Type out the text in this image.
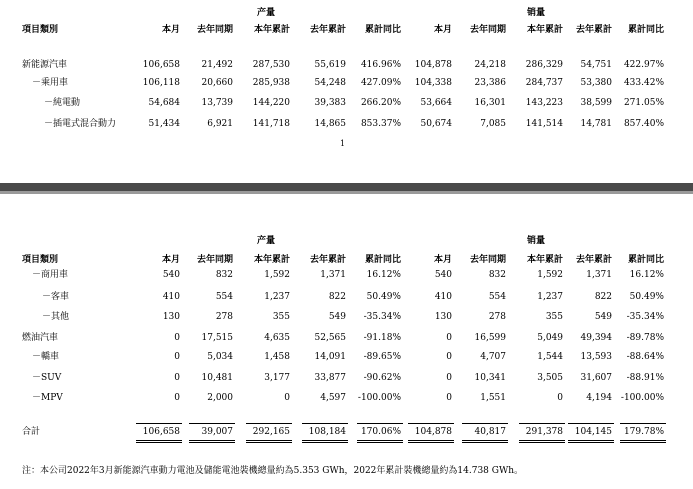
产量	销量
項目類別	本月	去年同期	本年累計	去年累計	累計同比	本月	去年同期	本年累計	去年累計	累計同比
新能源汽車	106,658	21,492	287,530	55,619	416.96%	104,878	24,218	286,329	54,751	422.97%
－乘用車	106,118	20,660	285,938	54,248	427.09%	104,338	23,386	284,737	53,380	433.42%
－純電動	54,684	13,739	144,220	39,383	266.20%	53,664	16,301	143,223	38,599	271.05%
－插電式混合動力	51,434	6,921	141,718	14,865	853.37%	50,674	7,085	141,514	14,781	857.40%
1
产量	销量
項目類別	本月	去年同期	本年累計	去年累計	累計同比	本月	去年同期	本年累計	去年累計	累計同比
－商用車	540	832	1,592	1,371	16.12%	540	832	1,592	1,371	16.12%
－客車	410	554	1,237	822	50.49%	410	554	1,237	822	50.49%
－其他	130	278	355	549	-35.34%	130	278	355	549	-35.34%
燃油汽車	0	17,515	4,635	52,565	-91.18%	0	16,599	5,049	49,394	-89.78%
－轎車	0	5,034	1,458	14,091	-89.65%	0	4,707	1,544	13,593	-88.64%
－SUV	0	10,481	3,177	33,877	-90.62%	0	10,341	3,505	31,607	-88.91%
－MPV	0	2,000	0	4,597	-100.00%	0	1,551	0	4,194 -100.00%
合計	106,658	39,007	292,165	108,184	170.06%	104,878	40,817	291,378	104,145	179.78%
注：本公司2022年3月新能源汽車動力電池及儲能電池裝機總量約為5.353 GWh，2022年累計裝機總量約為14.738 GWh。
